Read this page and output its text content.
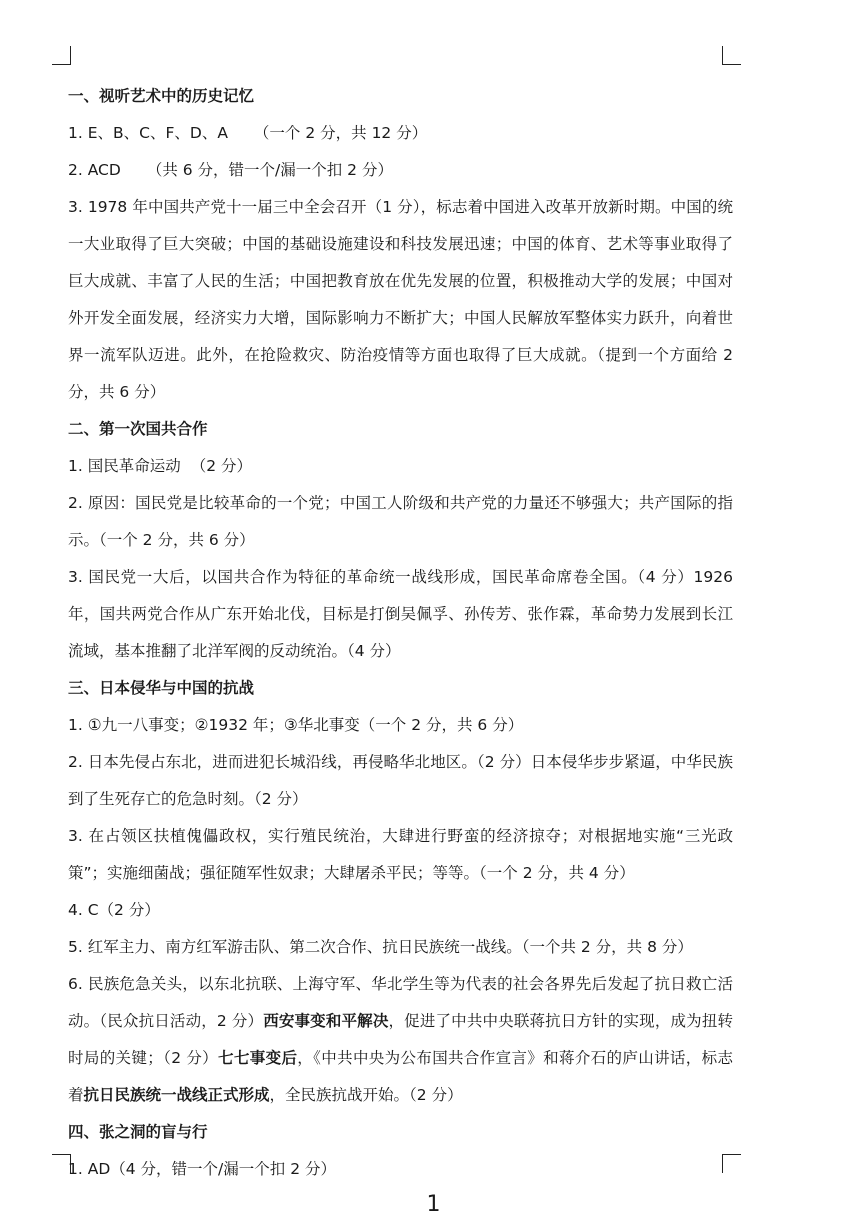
一、视听艺术中的历史记忆
1. E、B、C、F、D、A （一个 2 分，共 12 分）
2. ACD （共 6 分，错一个/漏一个扣 2 分）
3. 1978 年中国共产党十一届三中全会召开（1 分），标志着中国进入改革开放新时期。中国的统一大业取得了巨大突破；中国的基础设施建设和科技发展迅速；中国的体育、艺术等事业取得了巨大成就、丰富了人民的生活；中国把教育放在优先发展的位置，积极推动大学的发展；中国对外开发全面发展，经济实力大增，国际影响力不断扩大；中国人民解放军整体实力跃升，向着世界一流军队迈进。此外，在抢险救灾、防治疫情等方面也取得了巨大成就。（提到一个方面给 2 分，共 6 分）
二、第一次国共合作
1. 国民革命运动 （2 分）
2. 原因：国民党是比较革命的一个党；中国工人阶级和共产党的力量还不够强大；共产国际的指示。（一个 2 分，共 6 分）
3. 国民党一大后，以国共合作为特征的革命统一战线形成，国民革命席卷全国。（4 分）1926 年，国共两党合作从广东开始北伐，目标是打倒吴佩孚、孙传芳、张作霖，革命势力发展到长江流域，基本推翻了北洋军阀的反动统治。（4 分）
三、日本侵华与中国的抗战
1. ①九一八事变；②1932 年；③华北事变（一个 2 分，共 6 分）
2. 日本先侵占东北，进而进犯长城沿线，再侵略华北地区。（2 分）日本侵华步步紧逼，中华民族到了生死存亡的危急时刻。（2 分）
3. 在占领区扶植傀儡政权，实行殖民统治，大肆进行野蛮的经济掠夺；对根据地实施“三光政策”；实施细菌战；强征随军性奴隶；大肆屠杀平民；等等。（一个 2 分，共 4 分）
4. C（2 分）
5. 红军主力、南方红军游击队、第二次合作、抗日民族统一战线。（一个共 2 分，共 8 分）
6. 民族危急关头，以东北抗联、上海守军、华北学生等为代表的社会各界先后发起了抗日救亡活动。（民众抗日活动，2 分）西安事变和平解决，促进了中共中央联蒋抗日方针的实现，成为扭转时局的关键；（2 分）七七事变后，《中共中央为公布国共合作宣言》和蒋介石的庐山讲话，标志着抗日民族统一战线正式形成，全民族抗战开始。（2 分）
四、张之洞的盲与行
1. AD（4 分，错一个/漏一个扣 2 分）
1
